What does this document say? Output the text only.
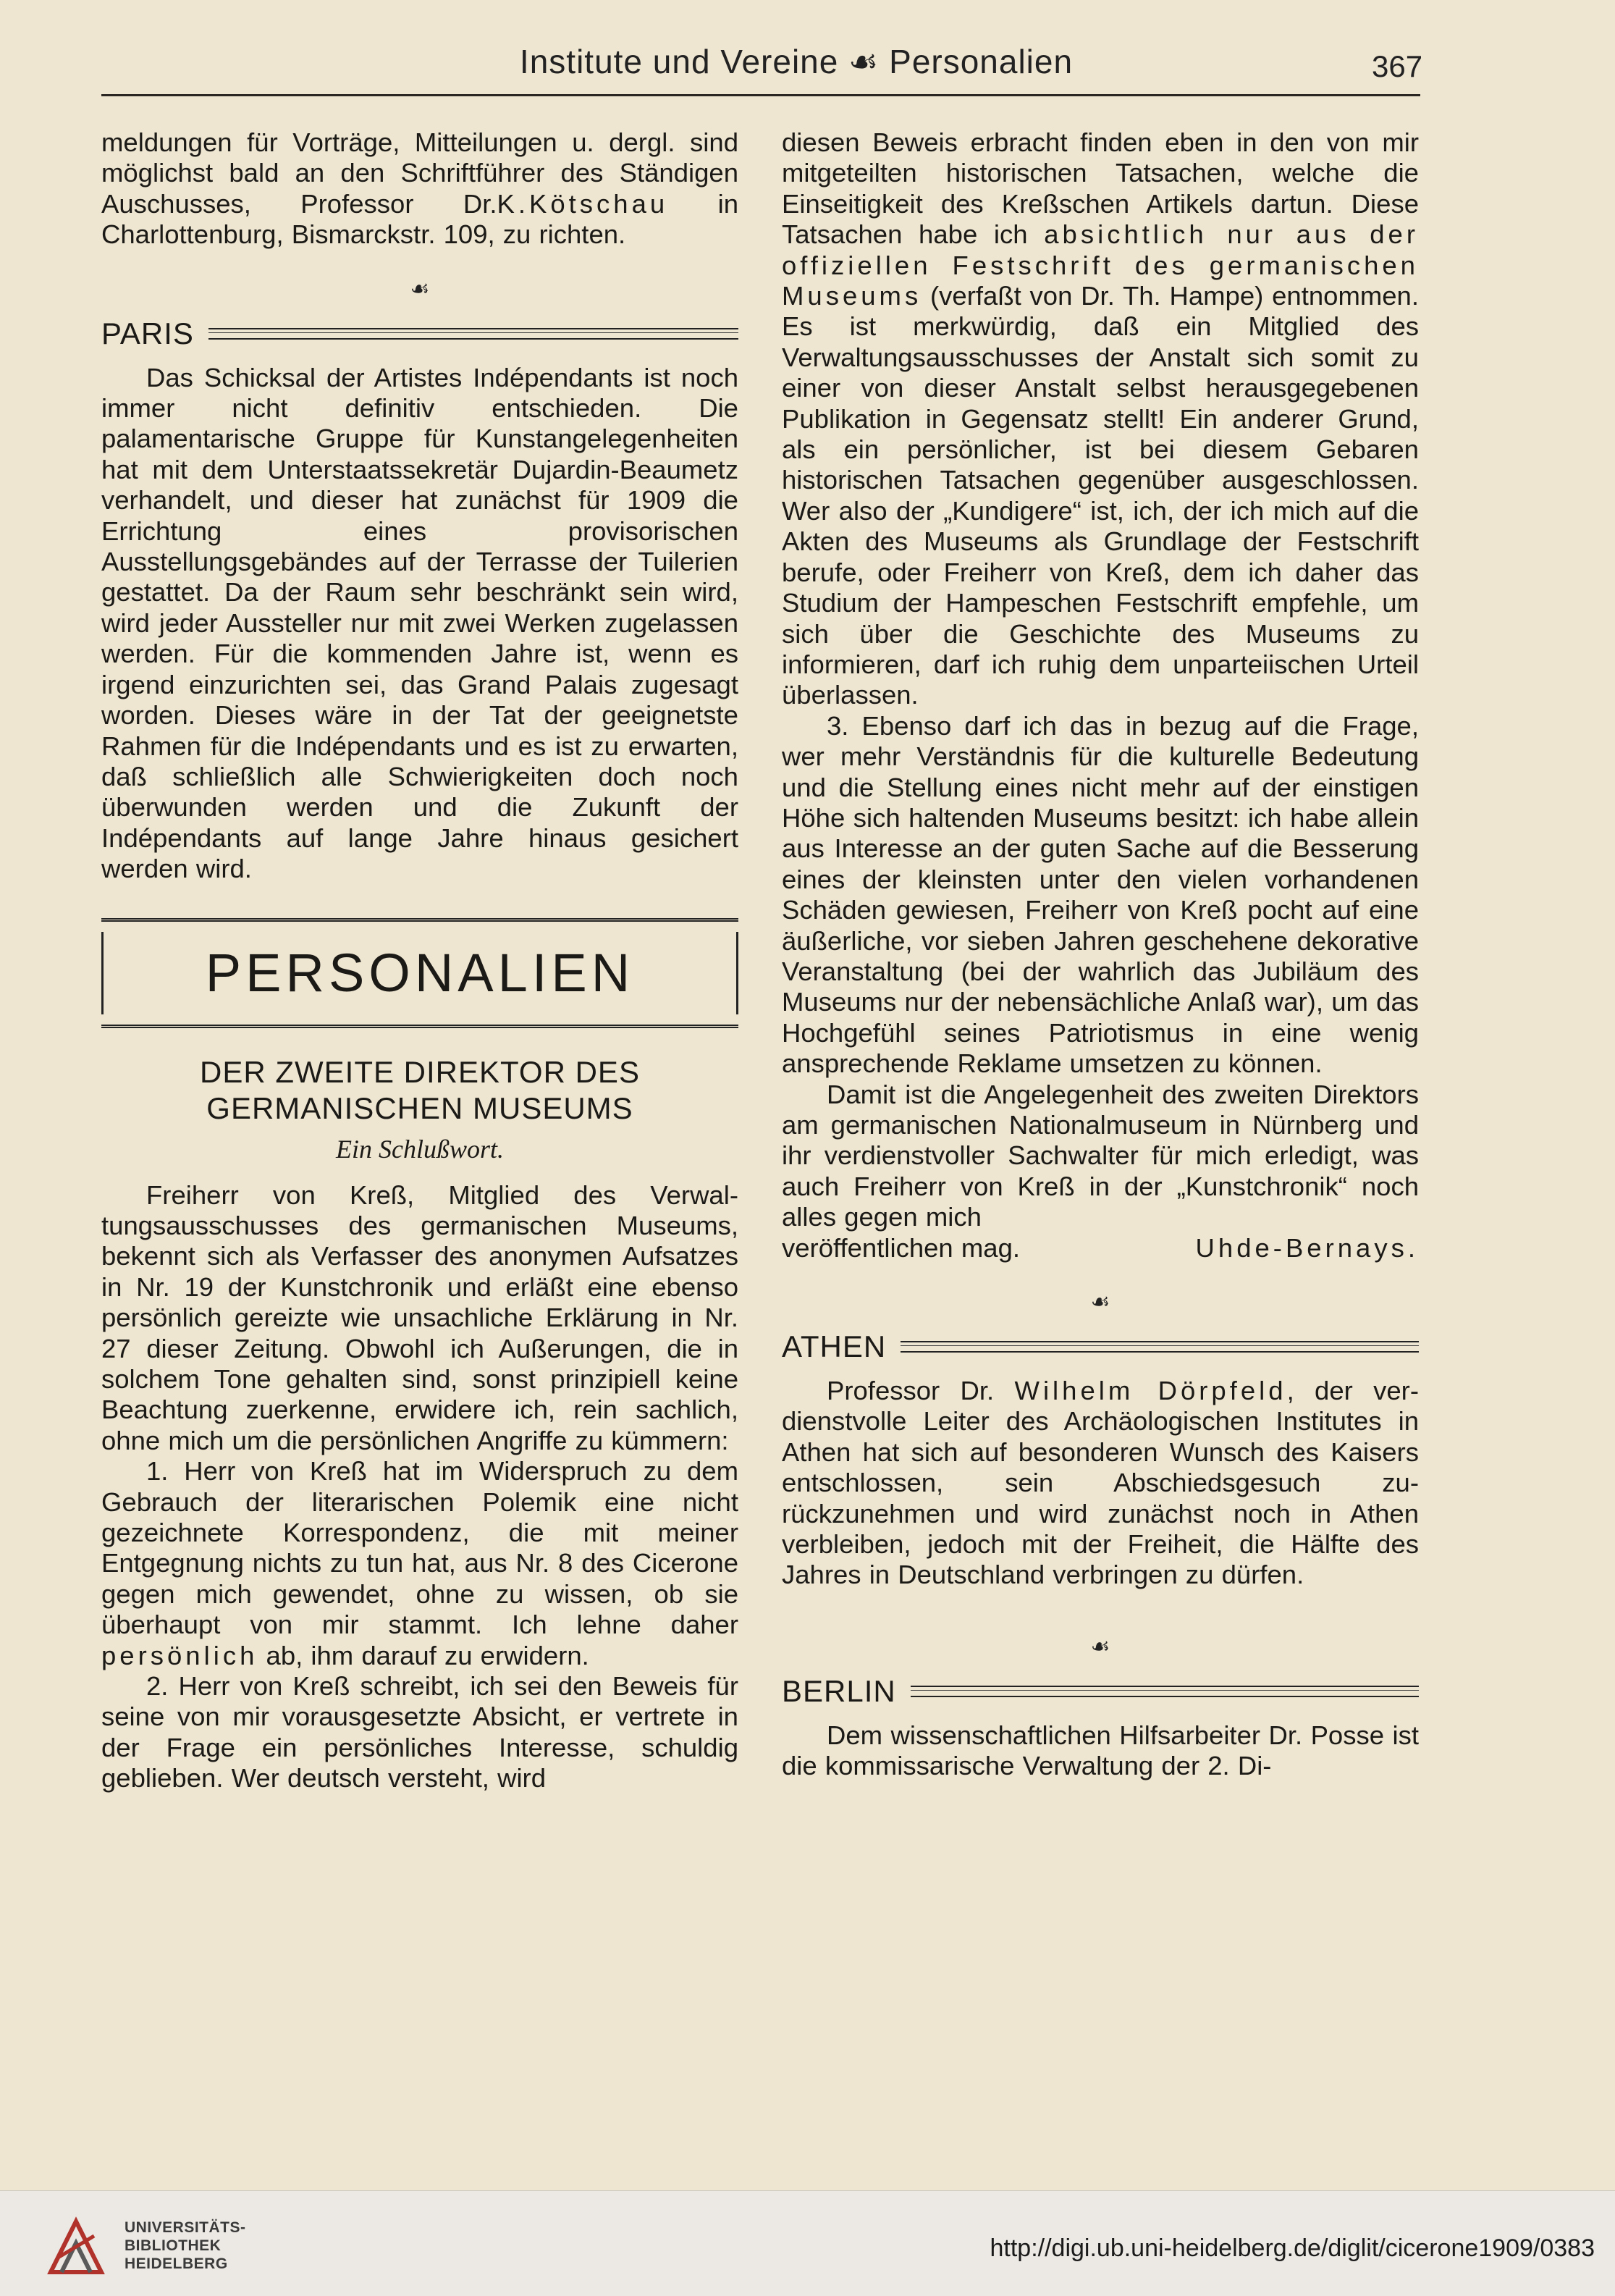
Institute und Vereine ☙ Personalien	367

meldungen für Vorträge, Mitteilungen u. dergl. sind möglichst bald an den Schriftführer des Ständigen Auschusses, Professor Dr.K.Kötschau in Charlottenburg, Bismarckstr. 109, zu richten.

☙
PARIS

Das Schicksal der Artistes Indépendants ist noch immer nicht definitiv entschieden. Die palamentarische Gruppe für Kunstangelegenheiten hat mit dem Unterstaatssekretär Dujardin-Beaumetz verhandelt, und dieser hat zunächst für 1909 die Errichtung eines provisorischen Ausstellungsgebändes auf der Terrasse der Tuilerien gestattet. Da der Raum sehr beschränkt sein wird, wird jeder Aussteller nur mit zwei Werken zugelassen werden. Für die kommenden Jahre ist, wenn es irgend einzurichten sei, das Grand Palais zugesagt worden. Dieses wäre in der Tat der geeignetste Rahmen für die Indépendants und es ist zu erwarten, daß schließlich alle Schwierigkeiten doch noch überwunden werden und die Zukunft der Indépendants auf lange Jahre hinaus gesichert werden wird.

PERSONALIEN
DER ZWEITE DIREKTOR DES
GERMANISCHEN MUSEUMS
Ein Schlußwort.

Freiherr von Kreß, Mitglied des Verwaltungsausschusses des germanischen Museums, bekennt sich als Verfasser des anonymen Aufsatzes in Nr. 19 der Kunstchronik und erläßt eine ebenso persönlich gereizte wie unsachliche Erklärung in Nr. 27 dieser Zeitung. Obwohl ich Außerungen, die in solchem Tone gehalten sind, sonst prinzipiell keine Beachtung zuerkenne, erwidere ich, rein sachlich, ohne mich um die persönlichen Angriffe zu kümmern:

1. Herr von Kreß hat im Widerspruch zu dem Gebrauch der literarischen Polemik eine nicht gezeichnete Korrespondenz, die mit meiner Entgegnung nichts zu tun hat, aus Nr. 8 des Cicerone gegen mich gewendet, ohne zu wissen, ob sie überhaupt von mir stammt. Ich lehne daher persönlich ab, ihm darauf zu erwidern.

2. Herr von Kreß schreibt, ich sei den Beweis für seine von mir vorausgesetzte Absicht, er vertrete in der Frage ein persönliches Interesse, schuldig geblieben. Wer deutsch versteht, wird

diesen Beweis erbracht finden eben in den von mir mitgeteilten historischen Tatsachen, welche die Einseitigkeit des Kreßschen Artikels dartun. Diese Tatsachen habe ich absichtlich nur aus der offiziellen Festschrift des germanischen Museums (verfaßt von Dr. Th. Hampe) entnommen. Es ist merkwürdig, daß ein Mitglied des Verwaltungsausschusses der Anstalt sich somit zu einer von dieser Anstalt selbst herausgegebenen Publikation in Gegensatz stellt! Ein anderer Grund, als ein persönlicher, ist bei diesem Gebaren historischen Tatsachen gegenüber ausgeschlossen. Wer also der „Kundigere“ ist, ich, der ich mich auf die Akten des Museums als Grundlage der Festschrift berufe, oder Freiherr von Kreß, dem ich daher das Studium der Hampeschen Festschrift empfehle, um sich über die Geschichte des Museums zu informieren, darf ich ruhig dem unparteiischen Urteil überlassen.

3. Ebenso darf ich das in bezug auf die Frage, wer mehr Verständnis für die kulturelle Bedeutung und die Stellung eines nicht mehr auf der einstigen Höhe sich haltenden Museums besitzt: ich habe allein aus Interesse an der guten Sache auf die Besserung eines der kleinsten unter den vielen vorhandenen Schäden gewiesen, Freiherr von Kreß pocht auf eine äußerliche, vor sieben Jahren geschehene dekorative Veranstaltung (bei der wahrlich das Jubiläum des Museums nur der nebensächliche Anlaß war), um das Hochgefühl seines Patriotismus in eine wenig ansprechende Reklame umsetzen zu können.

Damit ist die Angelegenheit des zweiten Direktors am germanischen Nationalmuseum in Nürnberg und ihr verdienstvoller Sachwalter für mich erledigt, was auch Freiherr von Kreß in der „Kunstchronik“ noch alles gegen mich

veröffentlichen mag.	Uhde-Bernays.

☙
ATHEN

Professor Dr. Wilhelm Dörpfeld, der verdienstvolle Leiter des Archäologischen Institutes in Athen hat sich auf besonderen Wunsch des Kaisers entschlossen, sein Abschiedsgesuch zurückzunehmen und wird zunächst noch in Athen verbleiben, jedoch mit der Freiheit, die Hälfte des Jahres in Deutschland verbringen zu dürfen.

☙
BERLIN

Dem wissenschaftlichen Hilfsarbeiter Dr. Posse ist die kommissarische Verwaltung der 2. Di-

UNIVERSITÄTS-
BIBLIOTHEK
HEIDELBERG
http://digi.ub.uni-heidelberg.de/diglit/cicerone1909/0383
